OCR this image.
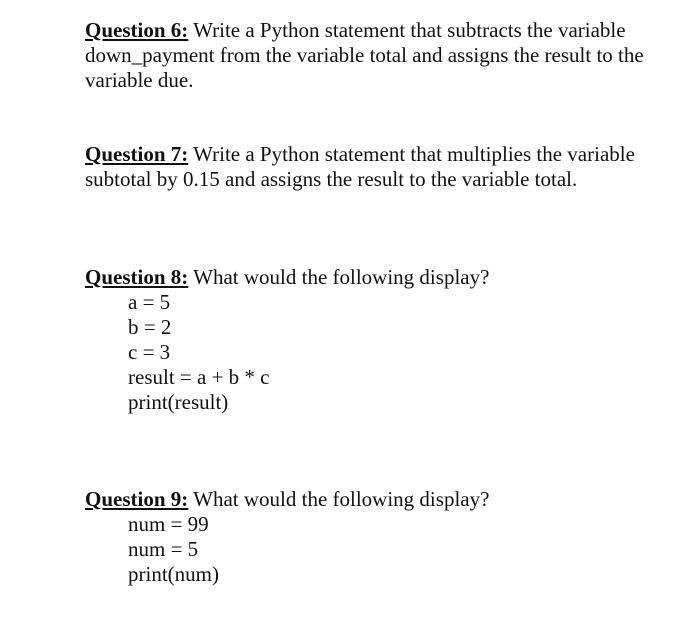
Question 6: Write a Python statement that subtracts the variable down_payment from the variable total and assigns the result to the variable due.
Question 7: Write a Python statement that multiplies the variable subtotal by 0.15 and assigns the result to the variable total.
Question 8: What would the following display?
a = 5
b = 2
c = 3
result = a + b * c
print(result)
Question 9: What would the following display?
num = 99
num = 5
print(num)
